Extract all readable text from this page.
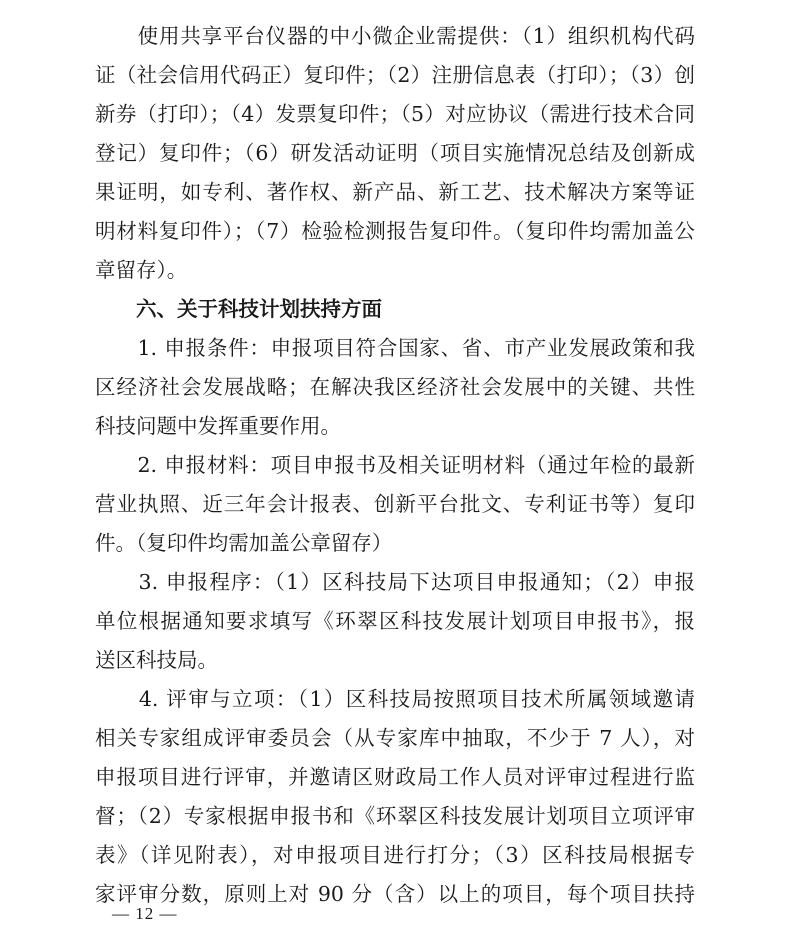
　　使用共享平台仪器的中小微企业需提供：（1）组织机构代码
证（社会信用代码正）复印件；（2）注册信息表（打印）；（3）创
新券（打印）；（4）发票复印件；（5）对应协议（需进行技术合同
登记）复印件；（6）研发活动证明（项目实施情况总结及创新成
果证明，如专利、著作权、新产品、新工艺、技术解决方案等证
明材料复印件）；（7）检验检测报告复印件。（复印件均需加盖公
章留存）。
　　六、关于科技计划扶持方面
　　1. 申报条件：申报项目符合国家、省、市产业发展政策和我
区经济社会发展战略；在解决我区经济社会发展中的关键、共性
科技问题中发挥重要作用。
　　2. 申报材料：项目申报书及相关证明材料（通过年检的最新
营业执照、近三年会计报表、创新平台批文、专利证书等）复印
件。（复印件均需加盖公章留存）
　　3. 申报程序：（1）区科技局下达项目申报通知；（2）申报
单位根据通知要求填写《环翠区科技发展计划项目申报书》，报
送区科技局。
　　4. 评审与立项：（1）区科技局按照项目技术所属领域邀请
相关专家组成评审委员会（从专家库中抽取，不少于 7 人），对
申报项目进行评审，并邀请区财政局工作人员对评审过程进行监
督；（2）专家根据申报书和《环翠区科技发展计划项目立项评审
表》（详见附表），对申报项目进行打分；（3）区科技局根据专
家评审分数，原则上对 90 分（含）以上的项目，每个项目扶持
— 12 —
